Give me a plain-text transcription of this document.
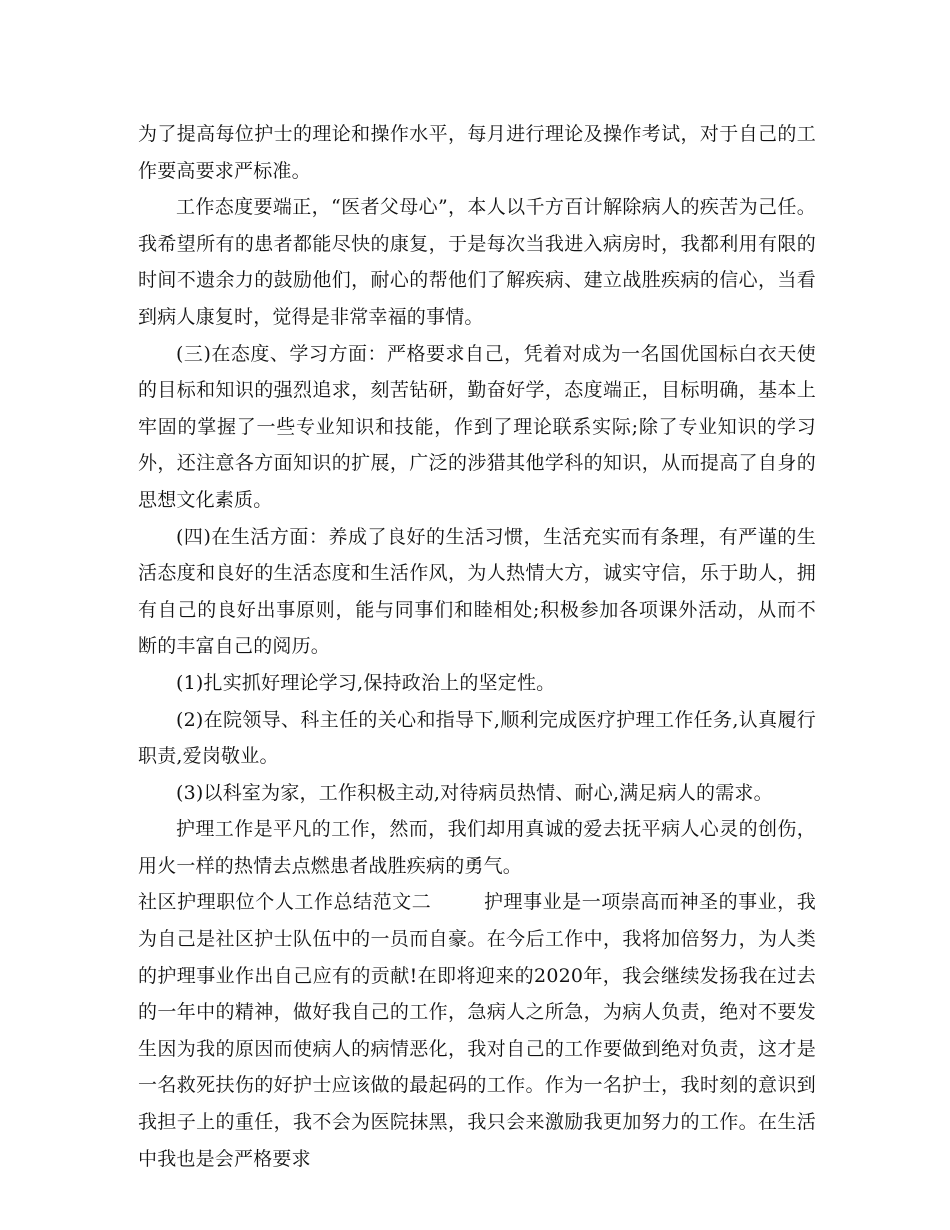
为了提高每位护士的理论和操作水平，每月进行理论及操作考试，对于自己的工作要高要求严标准。

工作态度要端正，“医者父母心”，本人以千方百计解除病人的疾苦为己任。我希望所有的患者都能尽快的康复，于是每次当我进入病房时，我都利用有限的时间不遗余力的鼓励他们，耐心的帮他们了解疾病、建立战胜疾病的信心，当看到病人康复时，觉得是非常幸福的事情。

(三)在态度、学习方面：严格要求自己，凭着对成为一名国优国标白衣天使的目标和知识的强烈追求，刻苦钻研，勤奋好学，态度端正，目标明确，基本上牢固的掌握了一些专业知识和技能，作到了理论联系实际;除了专业知识的学习外，还注意各方面知识的扩展，广泛的涉猎其他学科的知识，从而提高了自身的思想文化素质。

(四)在生活方面：养成了良好的生活习惯，生活充实而有条理，有严谨的生活态度和良好的生活态度和生活作风，为人热情大方，诚实守信，乐于助人，拥有自己的良好出事原则，能与同事们和睦相处;积极参加各项课外活动，从而不断的丰富自己的阅历。

(1)扎实抓好理论学习,保持政治上的坚定性。

(2)在院领导、科主任的关心和指导下,顺利完成医疗护理工作任务,认真履行职责,爱岗敬业。

(3)以科室为家，工作积极主动,对待病员热情、耐心,满足病人的需求。

护理工作是平凡的工作，然而，我们却用真诚的爱去抚平病人心灵的创伤，用火一样的热情去点燃患者战胜疾病的勇气。

社区护理职位个人工作总结范文二	护理事业是一项崇高而神圣的事业，我为自己是社区护士队伍中的一员而自豪。在今后工作中，我将加倍努力，为人类的护理事业作出自己应有的贡献!在即将迎来的2020年，我会继续发扬我在过去的一年中的精神，做好我自己的工作，急病人之所急，为病人负责，绝对不要发生因为我的原因而使病人的病情恶化，我对自己的工作要做到绝对负责，这才是一名救死扶伤的好护士应该做的最起码的工作。作为一名护士，我时刻的意识到我担子上的重任，我不会为医院抹黑，我只会来激励我更加努力的工作。在生活中我也是会严格要求
